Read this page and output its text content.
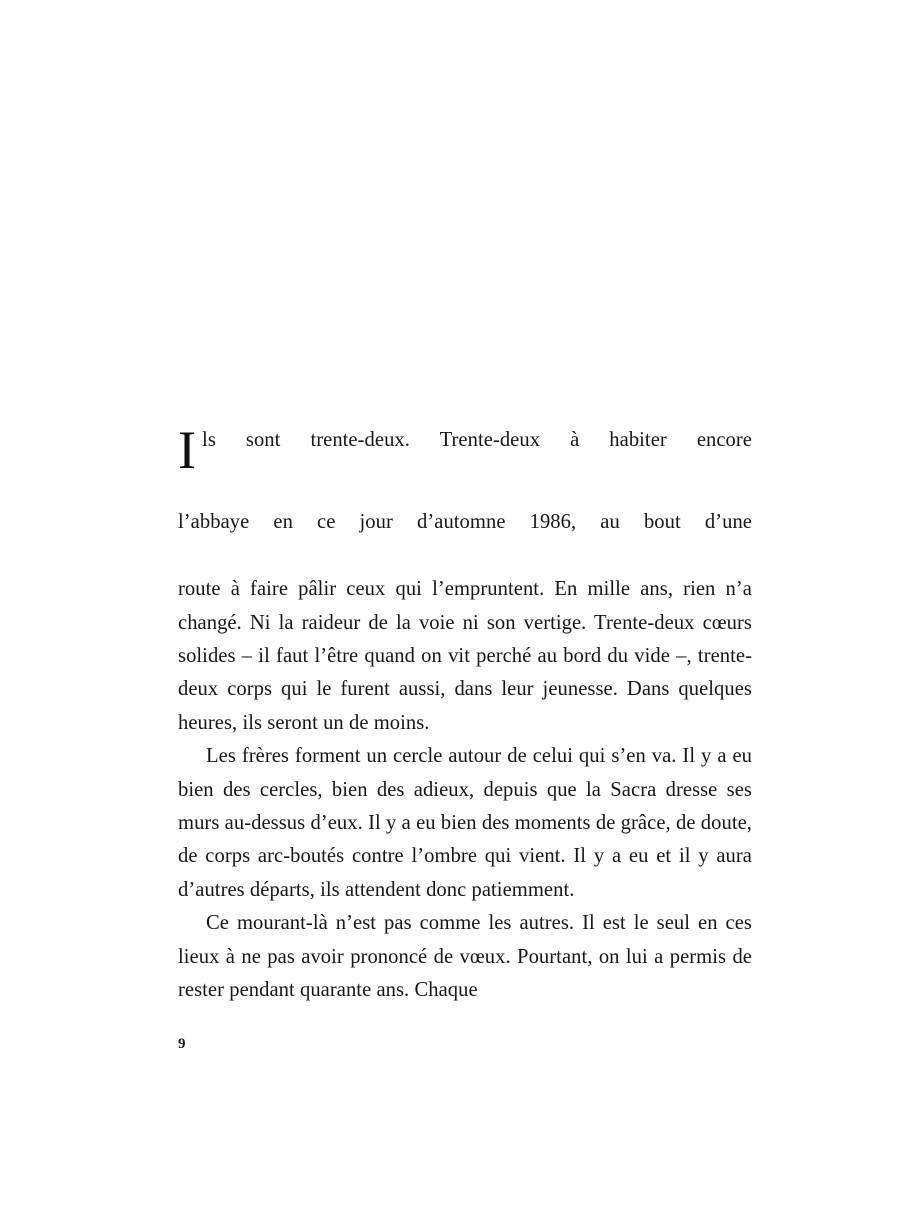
I ls sont trente-deux. Trente-deux à habiter encore
l’abbaye en ce jour d’automne 1986, au bout d’une
route à faire pâlir ceux qui l’empruntent. En mille ans, rien n’a changé. Ni la raideur de la voie ni son vertige. Trente-deux cœurs solides – il faut l’être quand on vit perché au bord du vide –, trente-deux corps qui le furent aussi, dans leur jeunesse. Dans quelques heures, ils seront un de moins.

Les frères forment un cercle autour de celui qui s’en va. Il y a eu bien des cercles, bien des adieux, depuis que la Sacra dresse ses murs au-dessus d’eux. Il y a eu bien des moments de grâce, de doute, de corps arc-boutés contre l’ombre qui vient. Il y a eu et il y aura d’autres départs, ils attendent donc patiemment.

Ce mourant-là n’est pas comme les autres. Il est le seul en ces lieux à ne pas avoir prononcé de vœux. Pourtant, on lui a permis de rester pendant quarante ans. Chaque

9
